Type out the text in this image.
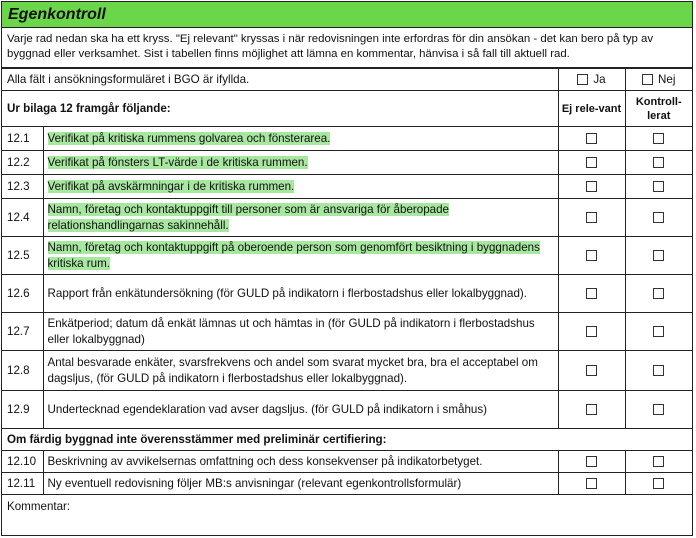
Egenkontroll
Varje rad nedan ska ha ett kryss. "Ej relevant" kryssas i när redovisningen inte erfordras för din ansökan - det kan bero på typ av byggnad eller verksamhet. Sist i tabellen finns möjlighet att lämna en kommentar, hänvisa i så fall till aktuell rad.
Alla fält i ansökningsformuläret i BGO är ifyllda.		Ja	Nej

Ur bilaga 12 framgår följande:		Ej rele-vant	Kontroll-lerat
12.1	Verifikat på kritiska rummens golvarea och fönsterarea.		
12.2	Verifikat på fönsters LT-värde i de kritiska rummen.		
12.3	Verifikat på avskärmningar i de kritiska rummen.		
12.4	Namn, företag och kontaktuppgift till personer som är ansvariga för åberopade relationshandlingarnas sakinnehåll.		
12.5	Namn, företag och kontaktuppgift på oberoende person som genomfört besiktning i byggnadens kritiska rum.		
12.6	Rapport från enkätundersökning (för GULD på indikatorn i flerbostadshus eller lokalbyggnad).		
12.7	Enkätperiod; datum då enkät lämnas ut och hämtas in (för GULD på indikatorn i flerbostadshus eller lokalbyggnad)		
12.8	Antal besvarade enkäter, svarsfrekvens och andel som svarat mycket bra, bra el acceptabel om dagsljus, (för GULD på indikatorn i flerbostadshus eller lokalbyggnad).		
12.9	Undertecknad egendeklaration vad avser dagsljus. (för GULD på indikatorn i småhus)		
Om färdig byggnad inte överensstämmer med preliminär certifiering:			
12.10	Beskrivning av avvikelsernas omfattning och dess konsekvenser på indikatorbetyget.		
12.11	Ny eventuell redovisning följer MB:s anvisningar (relevant egenkontrollsformulär)		
Kommentar:			
